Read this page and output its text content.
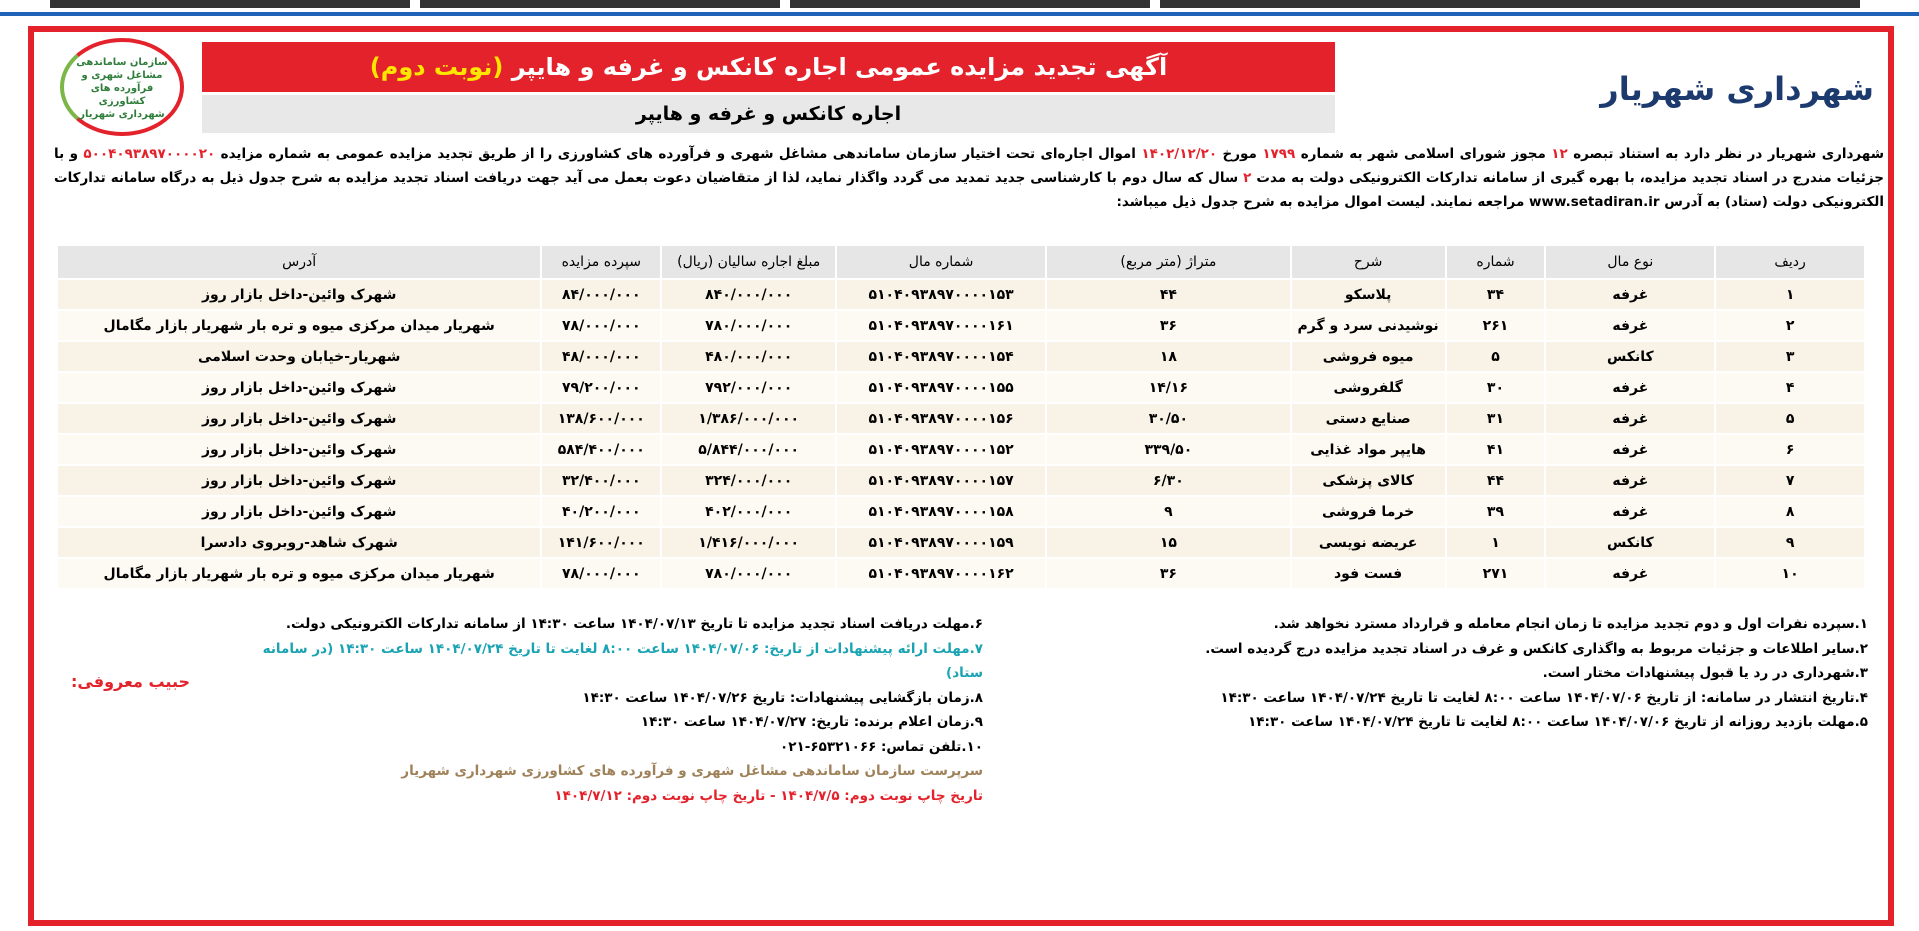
آگهی تجدید مزایده عمومی اجاره کانکس و غرفه و هایپر (نوبت دوم)
اجاره کانکس و غرفه و هایپر
شهرداری شهریار
سازمان ساماندهی مشاغل شهری و فرآورده های کشاورزی شهرداری شهریار
شهرداری شهریار در نظر دارد به استناد تبصره ۱۲ مجوز شورای اسلامی شهر به شماره ۱۷۹۹ مورخ ۱۴۰۲/۱۲/۲۰ اموال اجاره‌ای تحت اختیار سازمان ساماندهی مشاغل شهری و فرآورده های کشاورزی را از طریق تجدید مزایده عمومی به شماره مزایده ۵۰۰۴۰۹۳۸۹۷۰۰۰۰۲۰ و با جزئیات مندرج در اسناد تجدید مزایده، با بهره گیری از سامانه تدارکات الکترونیکی دولت به مدت ۲ سال که سال دوم با کارشناسی جدید تمدید می گردد واگذار نماید، لذا از متقاضیان دعوت بعمل می آید جهت دریافت اسناد تجدید مزایده به شرح جدول ذیل به درگاه سامانه تدارکات الکترونیکی دولت (ستاد) به آدرس www.setadiran.ir مراجعه نمایند. لیست اموال مزایده به شرح جدول ذیل میباشد:
ردیف	نوع مال	شماره	شرح	متراژ (متر مربع)	شماره مال	مبلغ اجاره سالیان (ریال)	سپرده مزایده	آدرس
۱	غرفه	۳۴	پلاسکو	۴۴	۵۱۰۴۰۹۳۸۹۷۰۰۰۰۱۵۳	۸۴۰/۰۰۰/۰۰۰	۸۴/۰۰۰/۰۰۰	شهرک وائین-داخل بازار روز
۲	غرفه	۲۶۱	نوشیدنی سرد و گرم	۳۶	۵۱۰۴۰۹۳۸۹۷۰۰۰۰۱۶۱	۷۸۰/۰۰۰/۰۰۰	۷۸/۰۰۰/۰۰۰	شهریار میدان مرکزی میوه و تره بار شهریار بازار مگامال
۳	کانکس	۵	میوه فروشی	۱۸	۵۱۰۴۰۹۳۸۹۷۰۰۰۰۱۵۴	۴۸۰/۰۰۰/۰۰۰	۴۸/۰۰۰/۰۰۰	شهریار-خیابان وحدت اسلامی
۴	غرفه	۳۰	گلفروشی	۱۴/۱۶	۵۱۰۴۰۹۳۸۹۷۰۰۰۰۱۵۵	۷۹۲/۰۰۰/۰۰۰	۷۹/۲۰۰/۰۰۰	شهرک وائین-داخل بازار روز
۵	غرفه	۳۱	صنایع دستی	۳۰/۵۰	۵۱۰۴۰۹۳۸۹۷۰۰۰۰۱۵۶	۱/۳۸۶/۰۰۰/۰۰۰	۱۳۸/۶۰۰/۰۰۰	شهرک وائین-داخل بازار روز
۶	غرفه	۴۱	هایپر مواد غذایی	۳۳۹/۵۰	۵۱۰۴۰۹۳۸۹۷۰۰۰۰۱۵۲	۵/۸۴۴/۰۰۰/۰۰۰	۵۸۴/۴۰۰/۰۰۰	شهرک وائین-داخل بازار روز
۷	غرفه	۴۴	کالای پزشکی	۶/۳۰	۵۱۰۴۰۹۳۸۹۷۰۰۰۰۱۵۷	۳۲۴/۰۰۰/۰۰۰	۳۲/۴۰۰/۰۰۰	شهرک وائین-داخل بازار روز
۸	غرفه	۳۹	خرما فروشی	۹	۵۱۰۴۰۹۳۸۹۷۰۰۰۰۱۵۸	۴۰۲/۰۰۰/۰۰۰	۴۰/۲۰۰/۰۰۰	شهرک وائین-داخل بازار روز
۹	کانکس	۱	عریضه نویسی	۱۵	۵۱۰۴۰۹۳۸۹۷۰۰۰۰۱۵۹	۱/۴۱۶/۰۰۰/۰۰۰	۱۴۱/۶۰۰/۰۰۰	شهرک شاهد-روبروی دادسرا
۱۰	غرفه	۲۷۱	فست فود	۳۶	۵۱۰۴۰۹۳۸۹۷۰۰۰۰۱۶۲	۷۸۰/۰۰۰/۰۰۰	۷۸/۰۰۰/۰۰۰	شهریار میدان مرکزی میوه و تره بار شهریار بازار مگامال
۱.سپرده نفرات اول و دوم تجدید مزایده تا زمان انجام معامله و قرارداد مسترد نخواهد شد.
۲.سایر اطلاعات و جزئیات مربوط به واگذاری کانکس و غرف در اسناد تجدید مزایده درج گردیده است.
۳.شهرداری در رد یا قبول پیشنهادات مختار است.
۴.تاریخ انتشار در سامانه: از تاریخ ۱۴۰۴/۰۷/۰۶ ساعت ۸:۰۰ لغایت تا تاریخ ۱۴۰۴/۰۷/۲۴ ساعت ۱۴:۳۰
۵.مهلت بازدید روزانه از تاریخ ۱۴۰۴/۰۷/۰۶ ساعت ۸:۰۰ لغایت تا تاریخ ۱۴۰۴/۰۷/۲۴ ساعت ۱۴:۳۰
۶.مهلت دریافت اسناد تجدید مزایده تا تاریخ ۱۴۰۴/۰۷/۱۳ ساعت ۱۴:۳۰ از سامانه تدارکات الکترونیکی دولت.
۷.مهلت ارائه پیشنهادات از تاریخ: ۱۴۰۴/۰۷/۰۶ ساعت ۸:۰۰ لغایت تا تاریخ ۱۴۰۴/۰۷/۲۴ ساعت ۱۴:۳۰ (در سامانه ستاد)
۸.زمان بازگشایی پیشنهادات: تاریخ ۱۴۰۴/۰۷/۲۶ ساعت ۱۴:۳۰
۹.زمان اعلام برنده: تاریخ: ۱۴۰۴/۰۷/۲۷ ساعت ۱۴:۳۰
۱۰.تلفن تماس: ۶۵۳۲۱۰۶۶-۰۲۱
سرپرست سازمان ساماندهی مشاغل شهری و فرآورده های کشاورزی شهرداری شهریار
تاریخ چاپ نوبت دوم: ۱۴۰۴/۷/۵ - تاریخ چاپ نوبت دوم: ۱۴۰۴/۷/۱۲
حبیب معروفی:
